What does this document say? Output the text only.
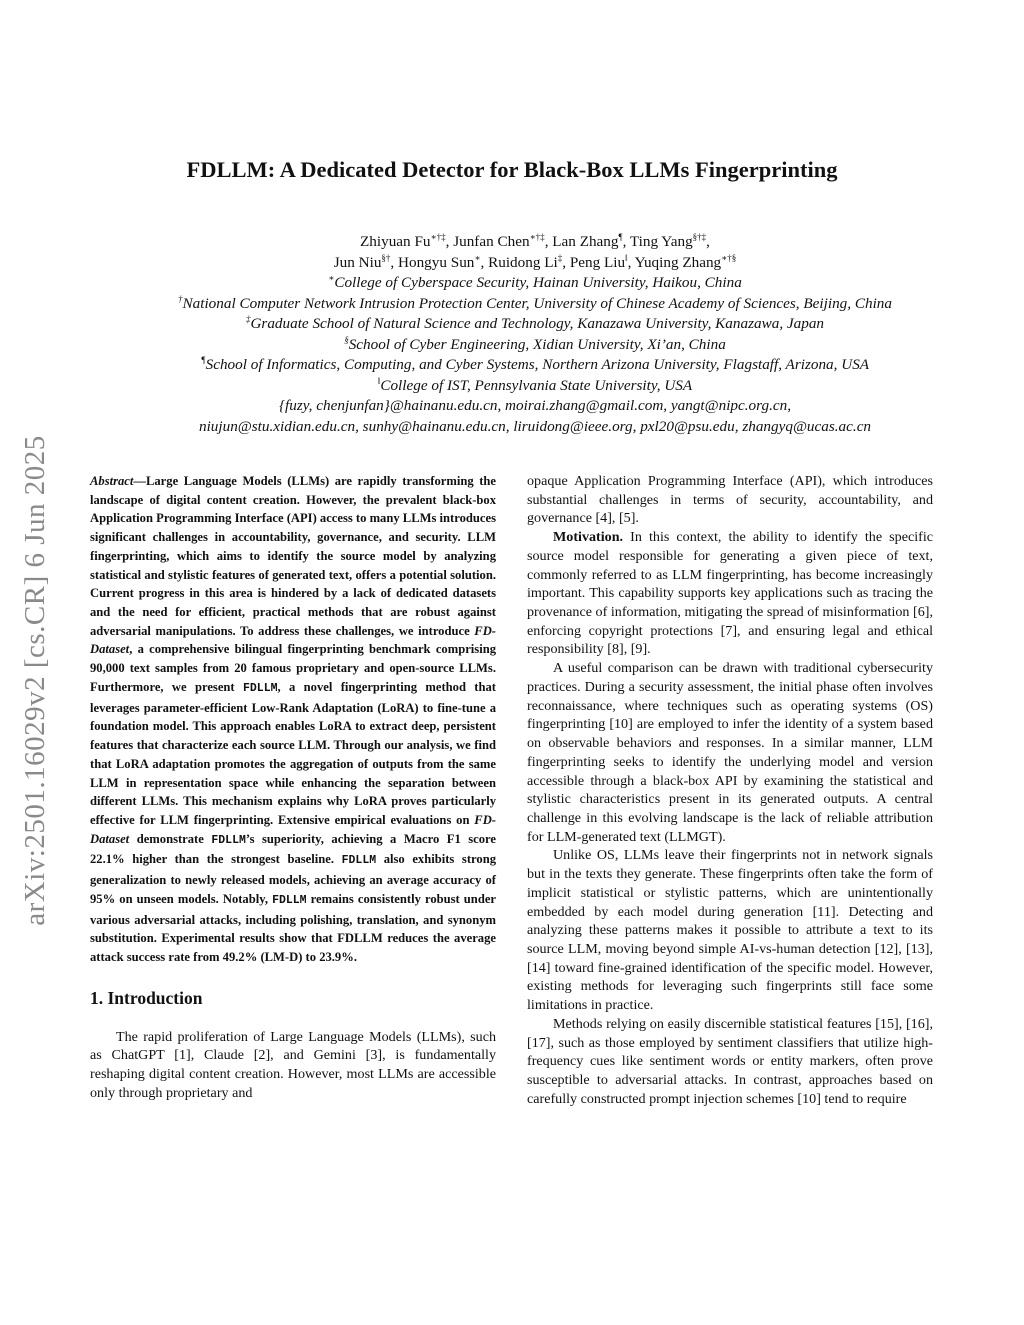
arXiv:2501.16029v2 [cs.CR] 6 Jun 2025
FDLLM: A Dedicated Detector for Black-Box LLMs Fingerprinting
Zhiyuan Fu∗†‡, Junfan Chen∗†‡, Lan Zhang¶, Ting Yang§†‡,
Jun Niu§†, Hongyu Sun∗, Ruidong Li‡, Peng Liu‖, Yuqing Zhang∗†§
∗College of Cyberspace Security, Hainan University, Haikou, China
†National Computer Network Intrusion Protection Center, University of Chinese Academy of Sciences, Beijing, China
‡Graduate School of Natural Science and Technology, Kanazawa University, Kanazawa, Japan
§School of Cyber Engineering, Xidian University, Xi’an, China
¶School of Informatics, Computing, and Cyber Systems, Northern Arizona University, Flagstaff, Arizona, USA
‖College of IST, Pennsylvania State University, USA
{fuzy, chenjunfan}@hainanu.edu.cn, moirai.zhang@gmail.com, yangt@nipc.org.cn,
niujun@stu.xidian.edu.cn, sunhy@hainanu.edu.cn, liruidong@ieee.org, pxl20@psu.edu, zhangyq@ucas.ac.cn

Abstract—Large Language Models (LLMs) are rapidly transforming the landscape of digital content creation. However, the prevalent black-box Application Programming Interface (API) access to many LLMs introduces significant challenges in accountability, governance, and security. LLM fingerprinting, which aims to identify the source model by analyzing statistical and stylistic features of generated text, offers a potential solution. Current progress in this area is hindered by a lack of dedicated datasets and the need for efficient, practical methods that are robust against adversarial manipulations. To address these challenges, we introduce FD-Dataset, a comprehensive bilingual fingerprinting benchmark comprising 90,000 text samples from 20 famous proprietary and open-source LLMs. Furthermore, we present FDLLM, a novel fingerprinting method that leverages parameter-efficient Low-Rank Adaptation (LoRA) to fine-tune a foundation model. This approach enables LoRA to extract deep, persistent features that characterize each source LLM. Through our analysis, we find that LoRA adaptation promotes the aggregation of outputs from the same LLM in representation space while enhancing the separation between different LLMs. This mechanism explains why LoRA proves particularly effective for LLM fingerprinting. Extensive empirical evaluations on FD-Dataset demonstrate FDLLM’s superiority, achieving a Macro F1 score 22.1% higher than the strongest baseline. FDLLM also exhibits strong generalization to newly released models, achieving an average accuracy of 95% on unseen models. Notably, FDLLM remains consistently robust under various adversarial attacks, including polishing, translation, and synonym substitution. Experimental results show that FDLLM reduces the average attack success rate from 49.2% (LM-D) to 23.9%.

1. Introduction

The rapid proliferation of Large Language Models (LLMs), such as ChatGPT [1], Claude [2], and Gemini [3], is fundamentally reshaping digital content creation. However, most LLMs are accessible only through proprietary and

opaque Application Programming Interface (API), which introduces substantial challenges in terms of security, accountability, and governance [4], [5].

Motivation. In this context, the ability to identify the specific source model responsible for generating a given piece of text, commonly referred to as LLM fingerprinting, has become increasingly important. This capability supports key applications such as tracing the provenance of information, mitigating the spread of misinformation [6], enforcing copyright protections [7], and ensuring legal and ethical responsibility [8], [9].

A useful comparison can be drawn with traditional cybersecurity practices. During a security assessment, the initial phase often involves reconnaissance, where techniques such as operating systems (OS) fingerprinting [10] are employed to infer the identity of a system based on observable behaviors and responses. In a similar manner, LLM fingerprinting seeks to identify the underlying model and version accessible through a black-box API by examining the statistical and stylistic characteristics present in its generated outputs. A central challenge in this evolving landscape is the lack of reliable attribution for LLM-generated text (LLMGT).

Unlike OS, LLMs leave their fingerprints not in network signals but in the texts they generate. These fingerprints often take the form of implicit statistical or stylistic patterns, which are unintentionally embedded by each model during generation [11]. Detecting and analyzing these patterns makes it possible to attribute a text to its source LLM, moving beyond simple AI-vs-human detection [12], [13], [14] toward fine-grained identification of the specific model. However, existing methods for leveraging such fingerprints still face some limitations in practice.

Methods relying on easily discernible statistical features [15], [16], [17], such as those employed by sentiment classifiers that utilize high-frequency cues like sentiment words or entity markers, often prove susceptible to adversarial attacks. In contrast, approaches based on carefully constructed prompt injection schemes [10] tend to require
